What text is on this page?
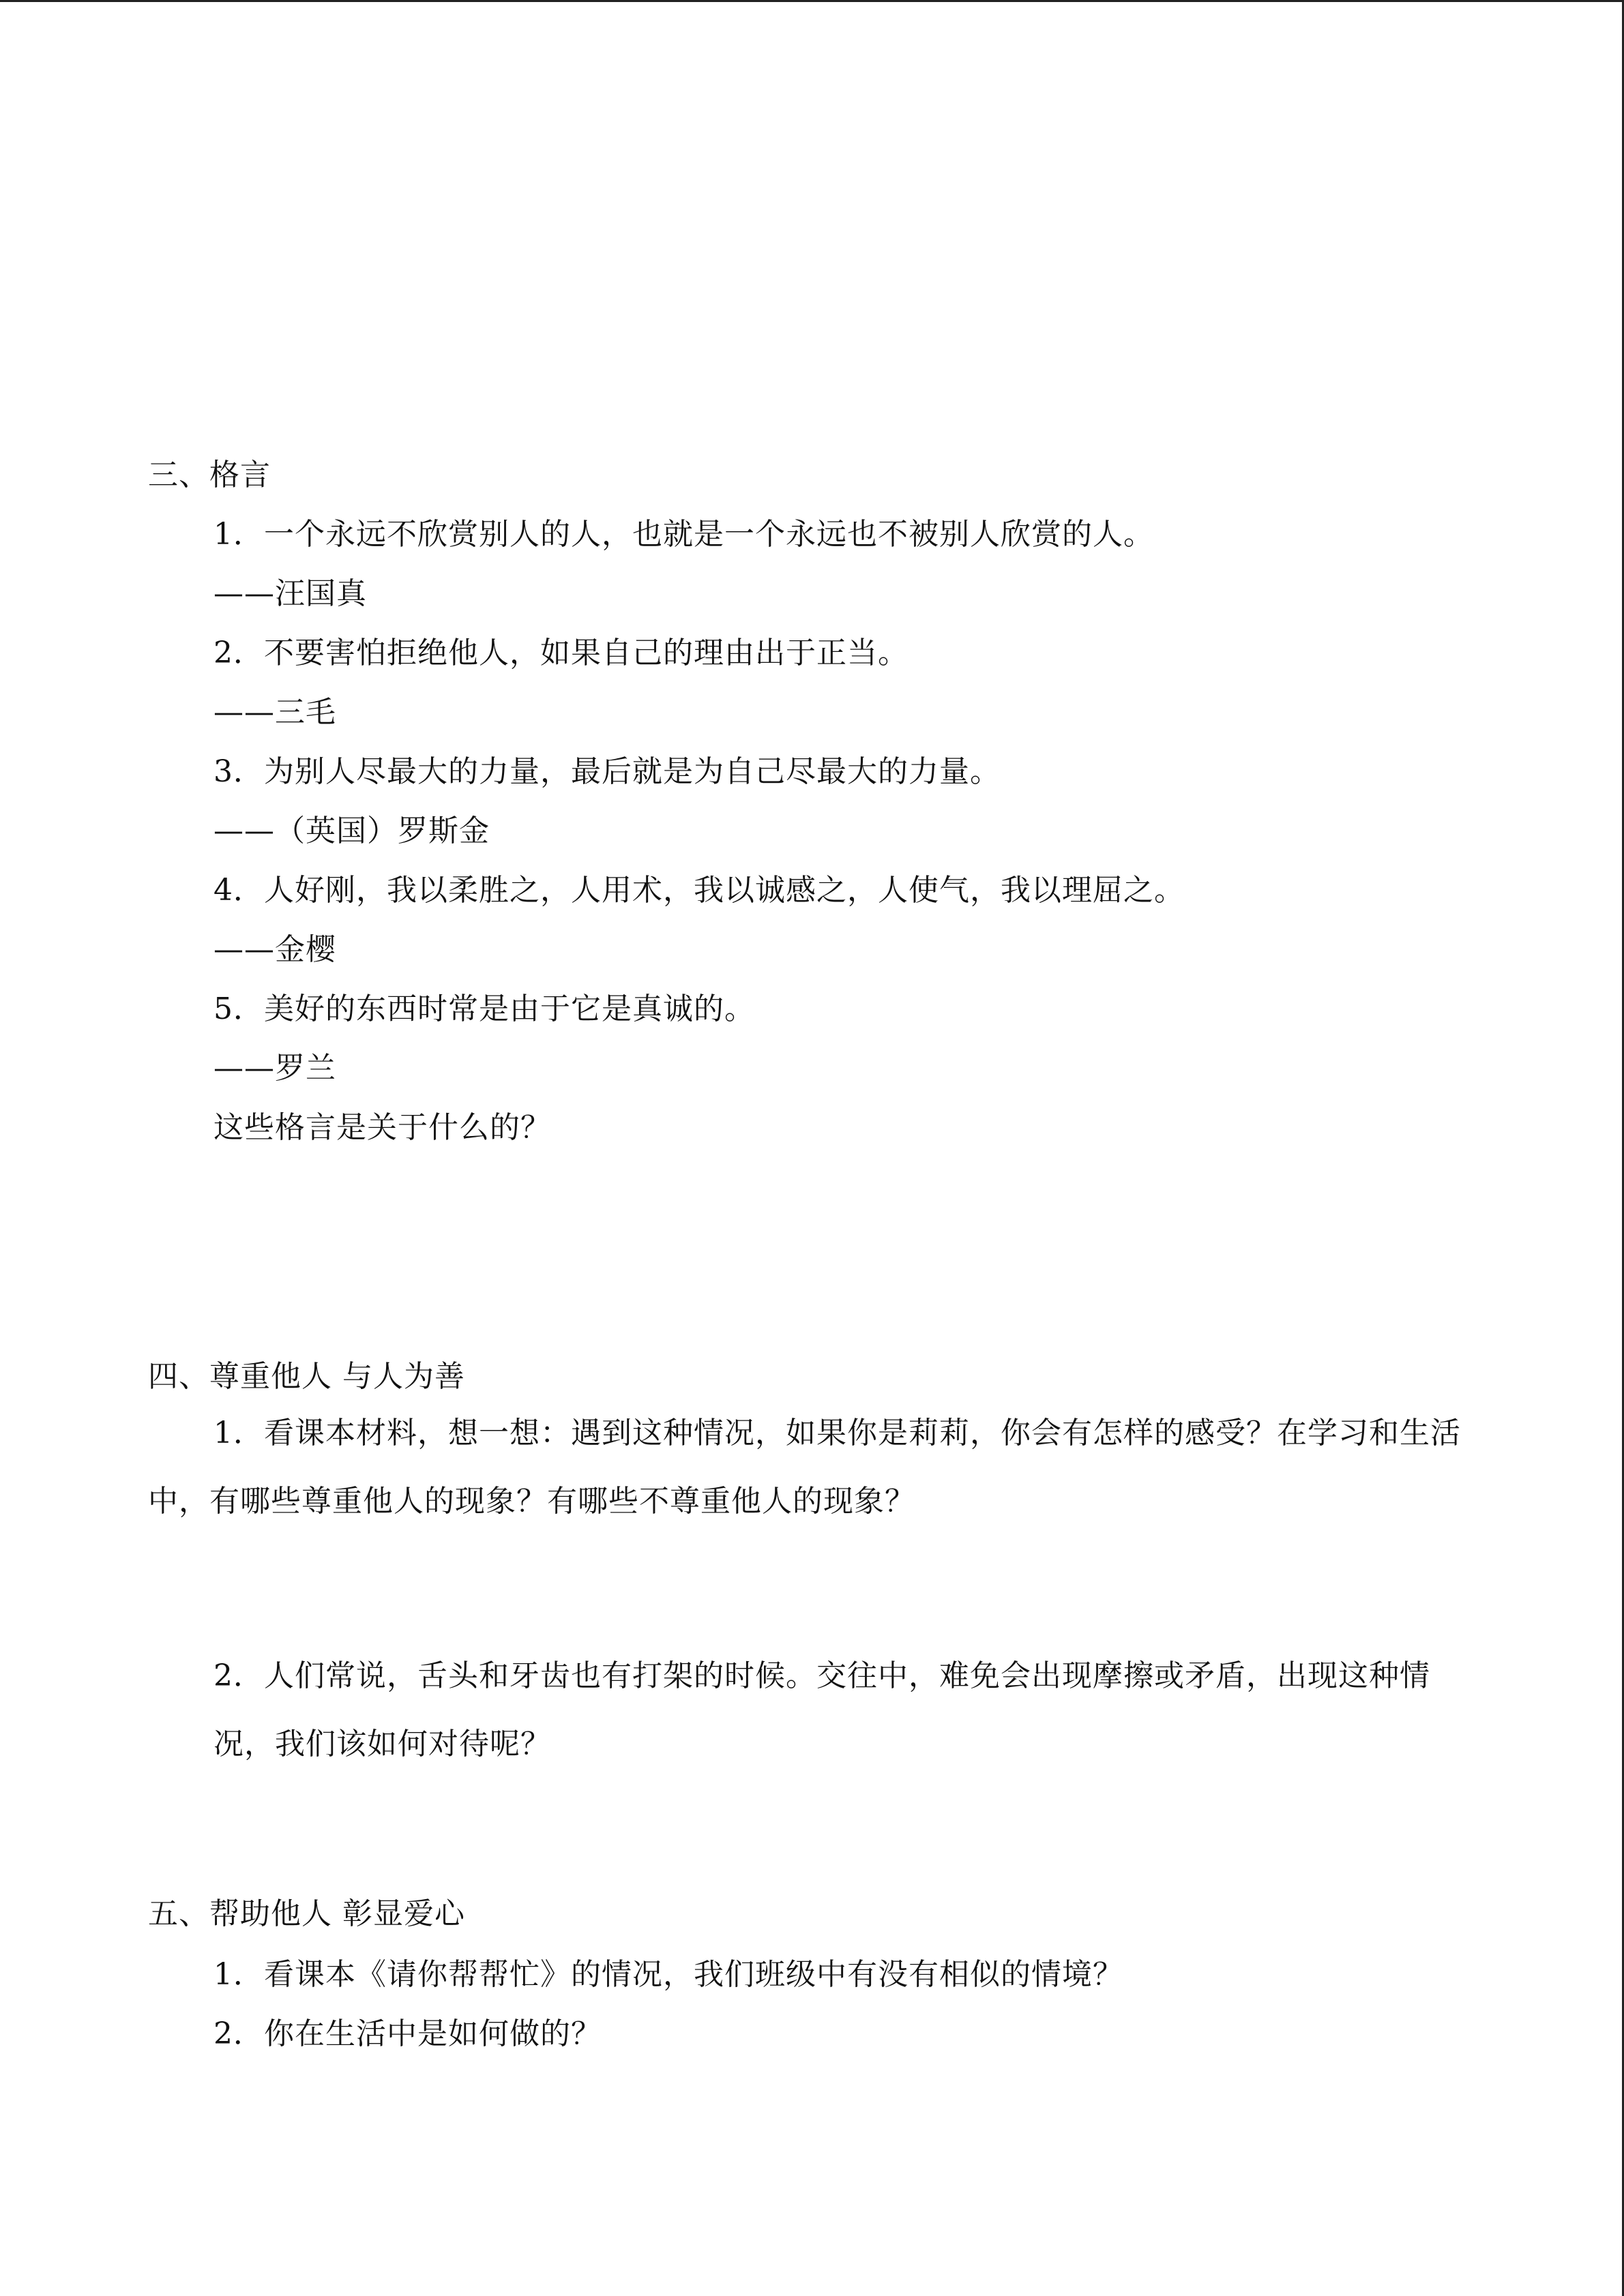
三、格言
1．一个永远不欣赏别人的人，也就是一个永远也不被别人欣赏的人。
——汪国真
2．不要害怕拒绝他人，如果自己的理由出于正当。
——三毛
3．为别人尽最大的力量，最后就是为自己尽最大的力量。
——（英国）罗斯金
4．人好刚，我以柔胜之，人用术，我以诚感之，人使气，我以理屈之。
——金樱
5．美好的东西时常是由于它是真诚的。
——罗兰
这些格言是关于什么的？
四、尊重他人 与人为善
1．看课本材料，想一想：遇到这种情况，如果你是莉莉，你会有怎样的感受？在学习和生活中，有哪些尊重他人的现象？有哪些不尊重他人的现象？
2．人们常说，舌头和牙齿也有打架的时候。交往中，难免会出现摩擦或矛盾，出现这种情况，我们该如何对待呢？
五、帮助他人 彰显爱心
1．看课本《请你帮帮忙》的情况，我们班级中有没有相似的情境？
2．你在生活中是如何做的？
